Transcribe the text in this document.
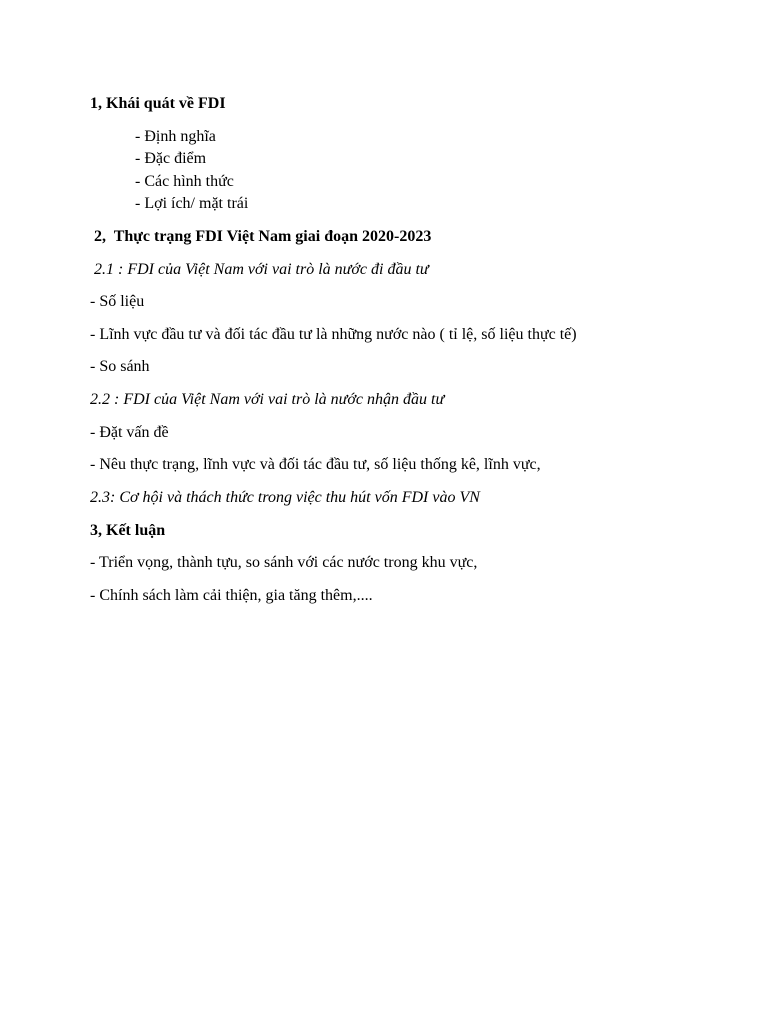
1, Khái quát về FDI
- Định nghĩa
- Đặc điểm
- Các hình thức
- Lợi ích/ mặt trái
2,  Thực trạng FDI Việt Nam giai đoạn 2020-2023
2.1 : FDI của Việt Nam với vai trò là nước đi đầu tư
- Số liệu
- Lĩnh vực đầu tư và đối tác đầu tư là những nước nào ( tỉ lệ, số liệu thực tế)
- So sánh
2.2 : FDI của Việt Nam với vai trò là nước nhận đầu tư
- Đặt vấn đề
- Nêu thực trạng, lĩnh vực và đối tác đầu tư, số liệu thống kê, lĩnh vực,
2.3: Cơ hội và thách thức trong việc thu hút vốn FDI vào VN
3, Kết luận
- Triển vọng, thành tựu, so sánh với các nước trong khu vực,
- Chính sách làm cải thiện, gia tăng thêm,....
